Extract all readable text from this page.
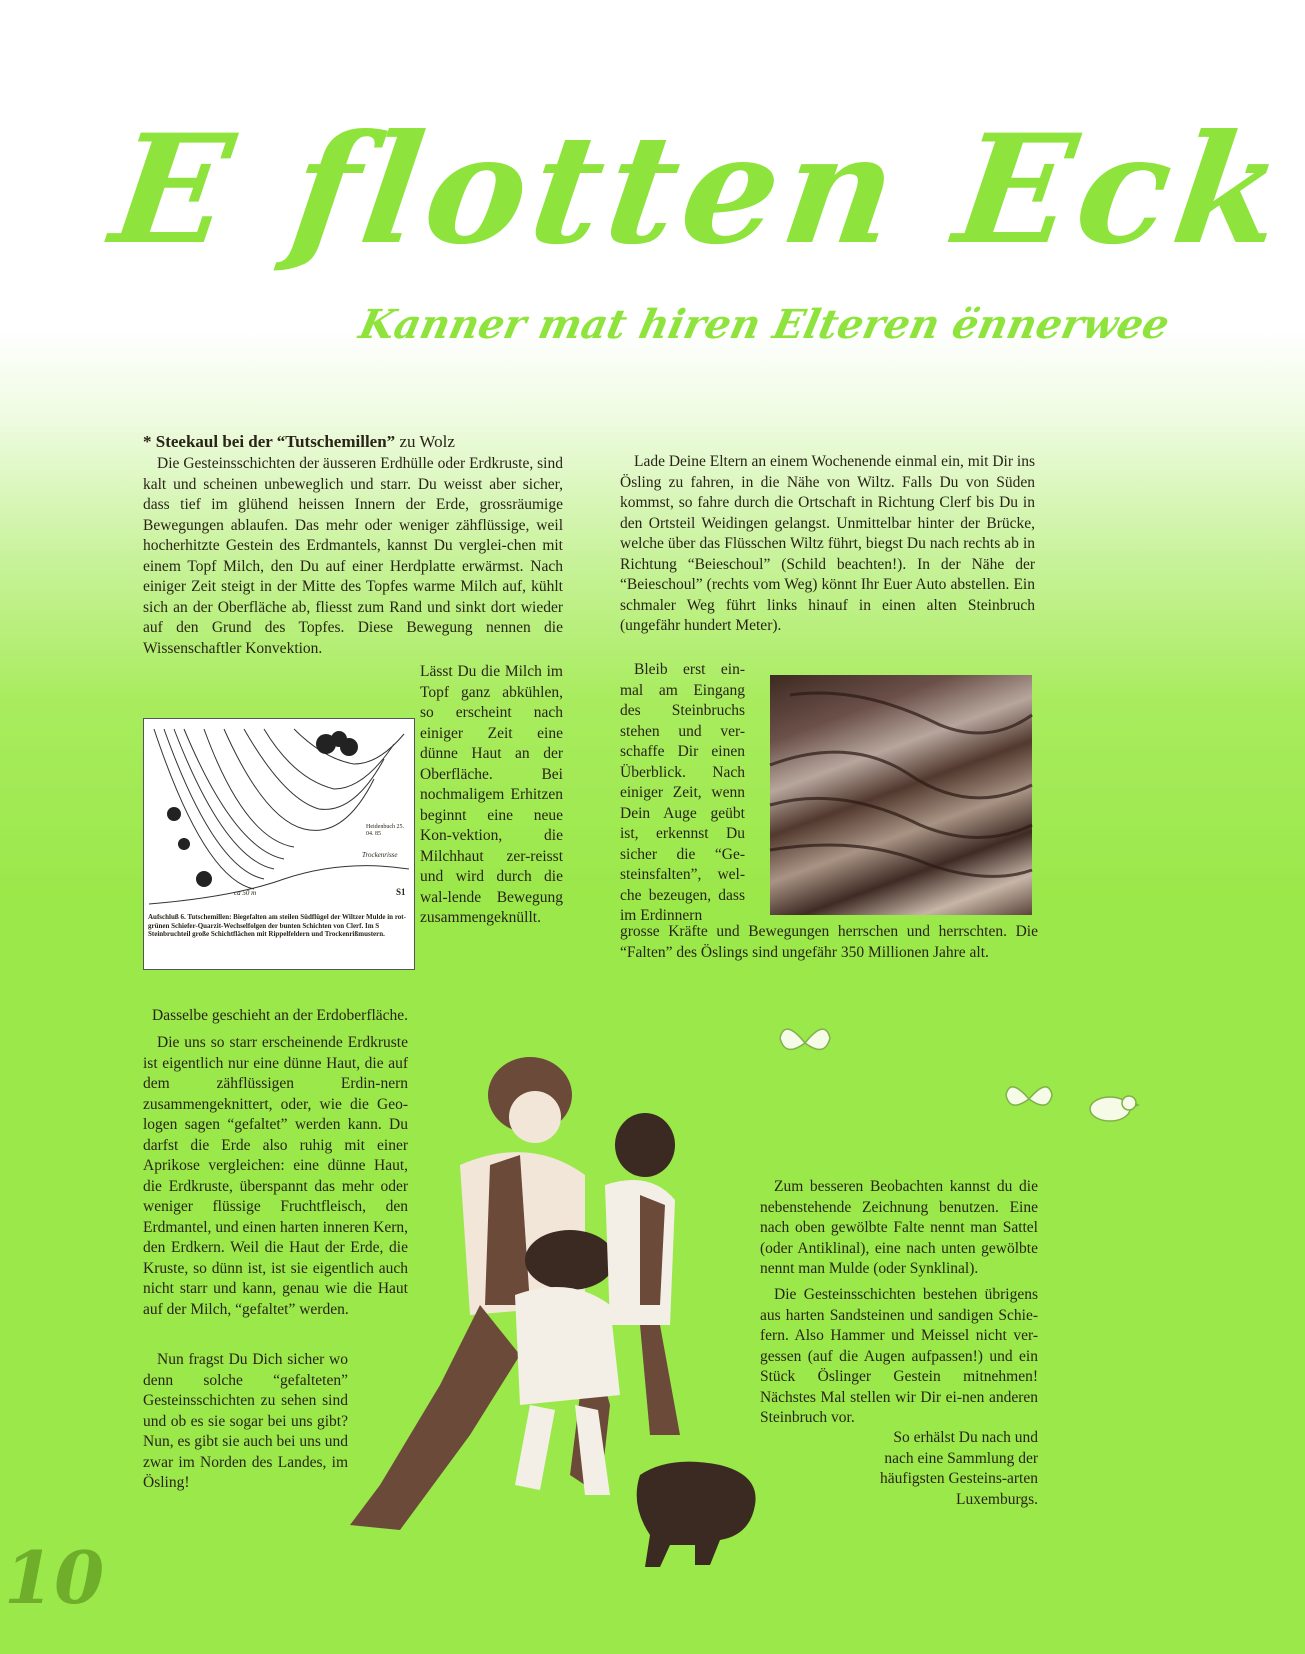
E flotten Eck
Kanner mat hiren Elteren ënnerwee

* Steekaul bei der “Tutschemillen” zu Wolz

Die Gesteinsschichten der äusseren Erdhülle oder Erdkruste, sind kalt und scheinen unbeweglich und starr. Du weisst aber sicher, dass tief im glühend heissen Innern der Erde, grossräumige Bewegungen ablaufen. Das mehr oder weniger zähflüssige, weil hocherhitzte Gestein des Erdmantels, kannst Du verglei-chen mit einem Topf Milch, den Du auf einer Herdplatte erwärmst. Nach einiger Zeit steigt in der Mitte des Topfes warme Milch auf, kühlt sich an der Oberfläche ab, fliesst zum Rand und sinkt dort wieder auf den Grund des Topfes. Diese Bewegung nennen die Wissenschaftler Konvektion.

Heidenbuch 25. 04. 85
Trockenrisse
ca 50 m	S1
Aufschluß 6. Tutschemillen: Biegefalten am steilen Südflügel der Wiltzer Mulde in rot-grünen Schiefer-Quarzit-Wechselfolgen der bunten Schichten von Clerf. Im S Steinbruchteil große Schichtflächen mit Rippelfeldern und Trockenrißmustern.

Lässt Du die Milch im Topf ganz abkühlen, so erscheint nach einiger Zeit eine dünne Haut an der Oberfläche. Bei nochmaligem Erhitzen beginnt eine neue Kon-vektion, die Milchhaut zer-reisst und wird durch die wal-lende Bewegung zusammengeknüllt.

Dasselbe geschieht an der Erdoberfläche.

Die uns so starr erscheinende Erdkruste ist eigentlich nur eine dünne Haut, die auf dem zähflüssigen Erdin-nern zusammengeknittert, oder, wie die Geo-logen sagen “gefaltet” werden kann. Du darfst die Erde also ruhig mit einer Aprikose vergleichen: eine dünne Haut, die Erdkruste, überspannt das mehr oder weniger flüssige Fruchtfleisch, den Erdmantel, und einen harten inneren Kern, den Erdkern. Weil die Haut der Erde, die Kruste, so dünn ist, ist sie eigentlich auch nicht starr und kann, genau wie die Haut auf der Milch, “gefaltet” werden.

Nun fragst Du Dich sicher wo denn solche “gefalteten” Gesteinsschichten zu sehen sind und ob es sie sogar bei uns gibt? Nun, es gibt sie auch bei uns und zwar im Norden des Landes, im Ösling!

Lade Deine Eltern an einem Wochenende einmal ein, mit Dir ins Ösling zu fahren, in die Nähe von Wiltz. Falls Du von Süden kommst, so fahre durch die Ortschaft in Richtung Clerf bis Du in den Ortsteil Weidingen gelangst. Unmittelbar hinter der Brücke, welche über das Flüsschen Wiltz führt, biegst Du nach rechts ab in Richtung “Beieschoul” (Schild beachten!). In der Nähe der “Beieschoul” (rechts vom Weg) könnt Ihr Euer Auto abstellen. Ein schmaler Weg führt links hinauf in einen alten Steinbruch (ungefähr hundert Meter).

Bleib erst ein-mal am Eingang des Steinbruchs stehen und ver-schaffe Dir einen Überblick. Nach einiger Zeit, wenn Dein Auge geübt ist, erkennst Du sicher die “Ge-steinsfalten”, wel-che bezeugen, dass im Erdinnern

grosse Kräfte und Bewegungen herrschen und herrschten. Die “Falten” des Öslings sind ungefähr 350 Millionen Jahre alt.

Zum besseren Beobachten kannst du die nebenstehende Zeichnung benutzen. Eine nach oben gewölbte Falte nennt man Sattel (oder Antiklinal), eine nach unten gewölbte nennt man Mulde (oder Synklinal).

Die Gesteinsschichten bestehen übrigens aus harten Sandsteinen und sandigen Schie-fern. Also Hammer und Meissel nicht ver-gessen (auf die Augen aufpassen!) und ein Stück Öslinger Gestein mitnehmen! Nächstes Mal stellen wir Dir ei-nen anderen Steinbruch vor.

So erhälst Du nach und nach eine Sammlung der häufigsten Gesteins-arten Luxemburgs.

10
